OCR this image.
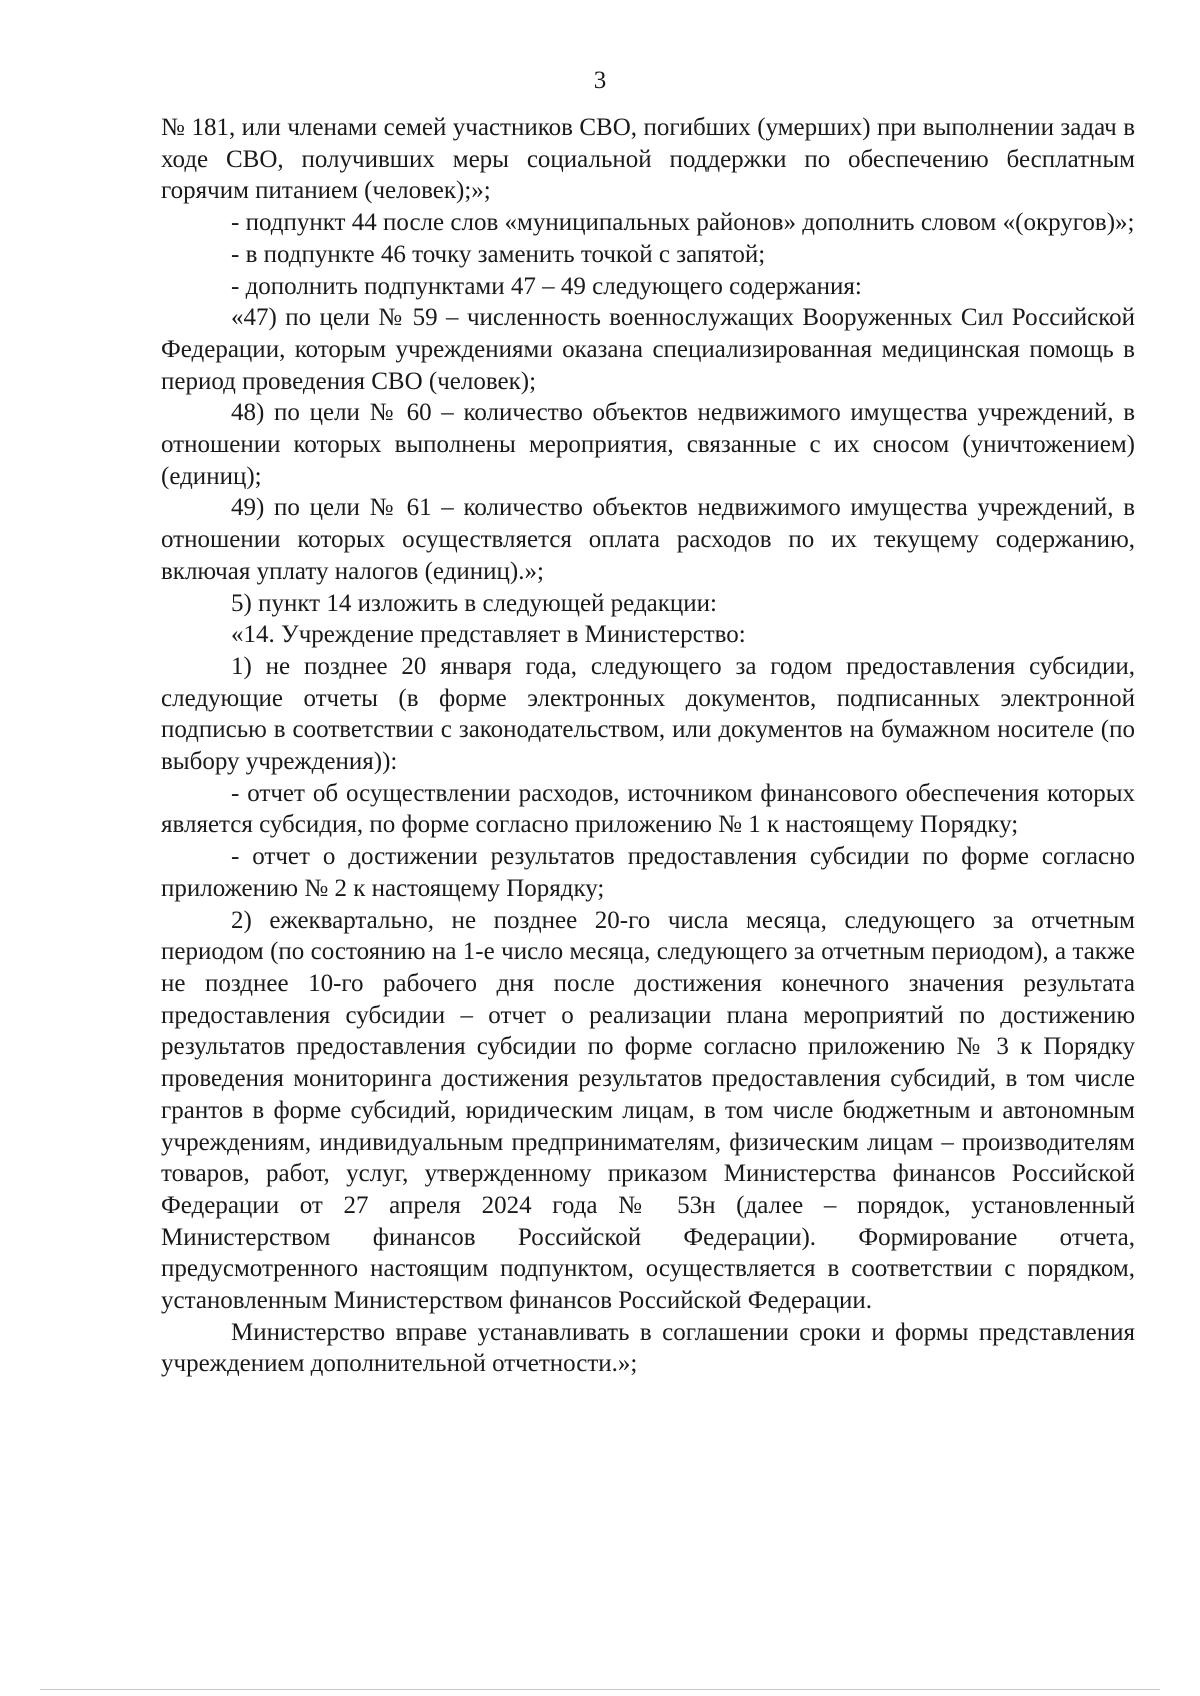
3

№ 181, или членами семей участников СВО, погибших (умерших) при выполнении задач в ходе СВО, получивших меры социальной поддержки по обеспечению бесплатным горячим питанием (человек);»;

- подпункт 44 после слов «муниципальных районов» дополнить словом «(округов)»;

- в подпункте 46 точку заменить точкой с запятой;

- дополнить подпунктами 47 – 49 следующего содержания:

«47) по цели № 59 – численность военнослужащих Вооруженных Сил Российской Федерации, которым учреждениями оказана специализированная медицинская помощь в период проведения СВО (человек);

48) по цели № 60 – количество объектов недвижимого имущества учреждений, в отношении которых выполнены мероприятия, связанные с их сносом (уничтожением) (единиц);

49) по цели № 61 – количество объектов недвижимого имущества учреждений, в отношении которых осуществляется оплата расходов по их текущему содержанию, включая уплату налогов (единиц).»;

5) пункт 14 изложить в следующей редакции:

«14. Учреждение представляет в Министерство:

1) не позднее 20 января года, следующего за годом предоставления субсидии, следующие отчеты (в форме электронных документов, подписанных электронной подписью в соответствии с законодательством, или документов на бумажном носителе (по выбору учреждения)):

- отчет об осуществлении расходов, источником финансового обеспечения которых является субсидия, по форме согласно приложению № 1 к настоящему Порядку;

- отчет о достижении результатов предоставления субсидии по форме согласно приложению № 2 к настоящему Порядку;

2) ежеквартально, не позднее 20-го числа месяца, следующего за отчетным периодом (по состоянию на 1-е число месяца, следующего за отчетным периодом), а также не позднее 10-го рабочего дня после достижения конечного значения результата предоставления субсидии – отчет о реализации плана мероприятий по достижению результатов предоставления субсидии по форме согласно приложению № 3 к Порядку проведения мониторинга достижения результатов предоставления субсидий, в том числе грантов в форме субсидий, юридическим лицам, в том числе бюджетным и автономным учреждениям, индивидуальным предпринимателям, физическим лицам – производителям товаров, работ, услуг, утвержденному приказом Министерства финансов Российской Федерации от 27 апреля 2024 года № 53н (далее – порядок, установленный Министерством финансов Российской Федерации). Формирование отчета, предусмотренного настоящим подпунктом, осуществляется в соответствии с порядком, установленным Министерством финансов Российской Федерации.

Министерство вправе устанавливать в соглашении сроки и формы представления учреждением дополнительной отчетности.»;
